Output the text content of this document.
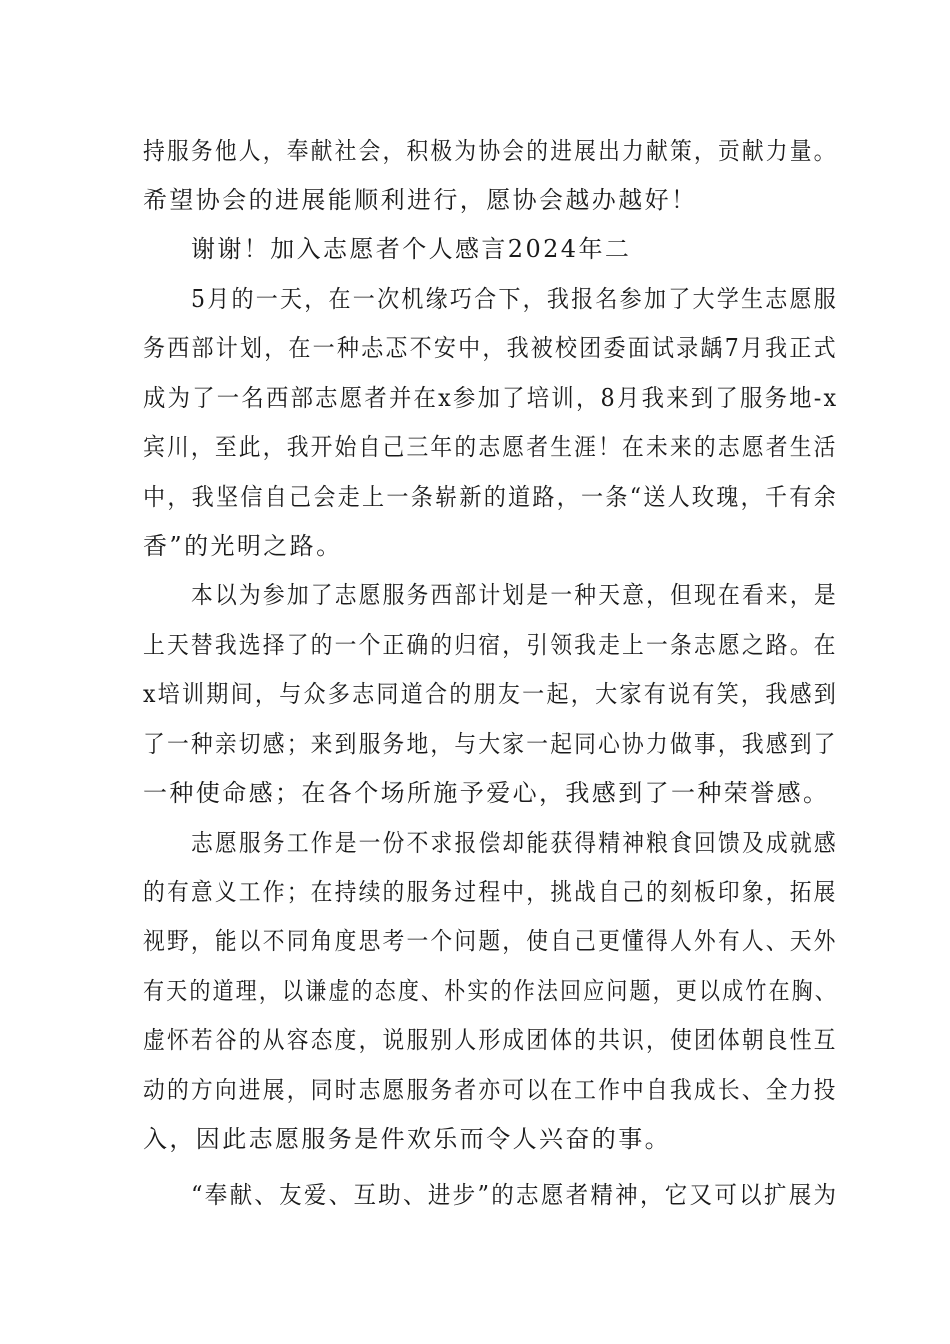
持服务他人，奉献社会，积极为协会的进展出力献策，贡献力量。
希望协会的进展能顺利进行，愿协会越办越好！
谢谢！加入志愿者个人感言2024年二
5月的一天，在一次机缘巧合下，我报名参加了大学生志愿服
务西部计划，在一种忐忑不安中，我被校团委面试录龋7月我正式
成为了一名西部志愿者并在x参加了培训，8月我来到了服务地-x
宾川，至此，我开始自己三年的志愿者生涯！在未来的志愿者生活
中，我坚信自己会走上一条崭新的道路，一条“送人玫瑰，千有余
香”的光明之路。
本以为参加了志愿服务西部计划是一种天意，但现在看来，是
上天替我选择了的一个正确的归宿，引领我走上一条志愿之路。在
x培训期间，与众多志同道合的朋友一起，大家有说有笑，我感到
了一种亲切感；来到服务地，与大家一起同心协力做事，我感到了
一种使命感；在各个场所施予爱心，我感到了一种荣誉感。
志愿服务工作是一份不求报偿却能获得精神粮食回馈及成就感
的有意义工作；在持续的服务过程中，挑战自己的刻板印象，拓展
视野，能以不同角度思考一个问题，使自己更懂得人外有人、天外
有天的道理，以谦虚的态度、朴实的作法回应问题，更以成竹在胸、
虚怀若谷的从容态度，说服别人形成团体的共识，使团体朝良性互
动的方向进展，同时志愿服务者亦可以在工作中自我成长、全力投
入，因此志愿服务是件欢乐而令人兴奋的事。
“奉献、友爱、互助、进步”的志愿者精神，它又可以扩展为
